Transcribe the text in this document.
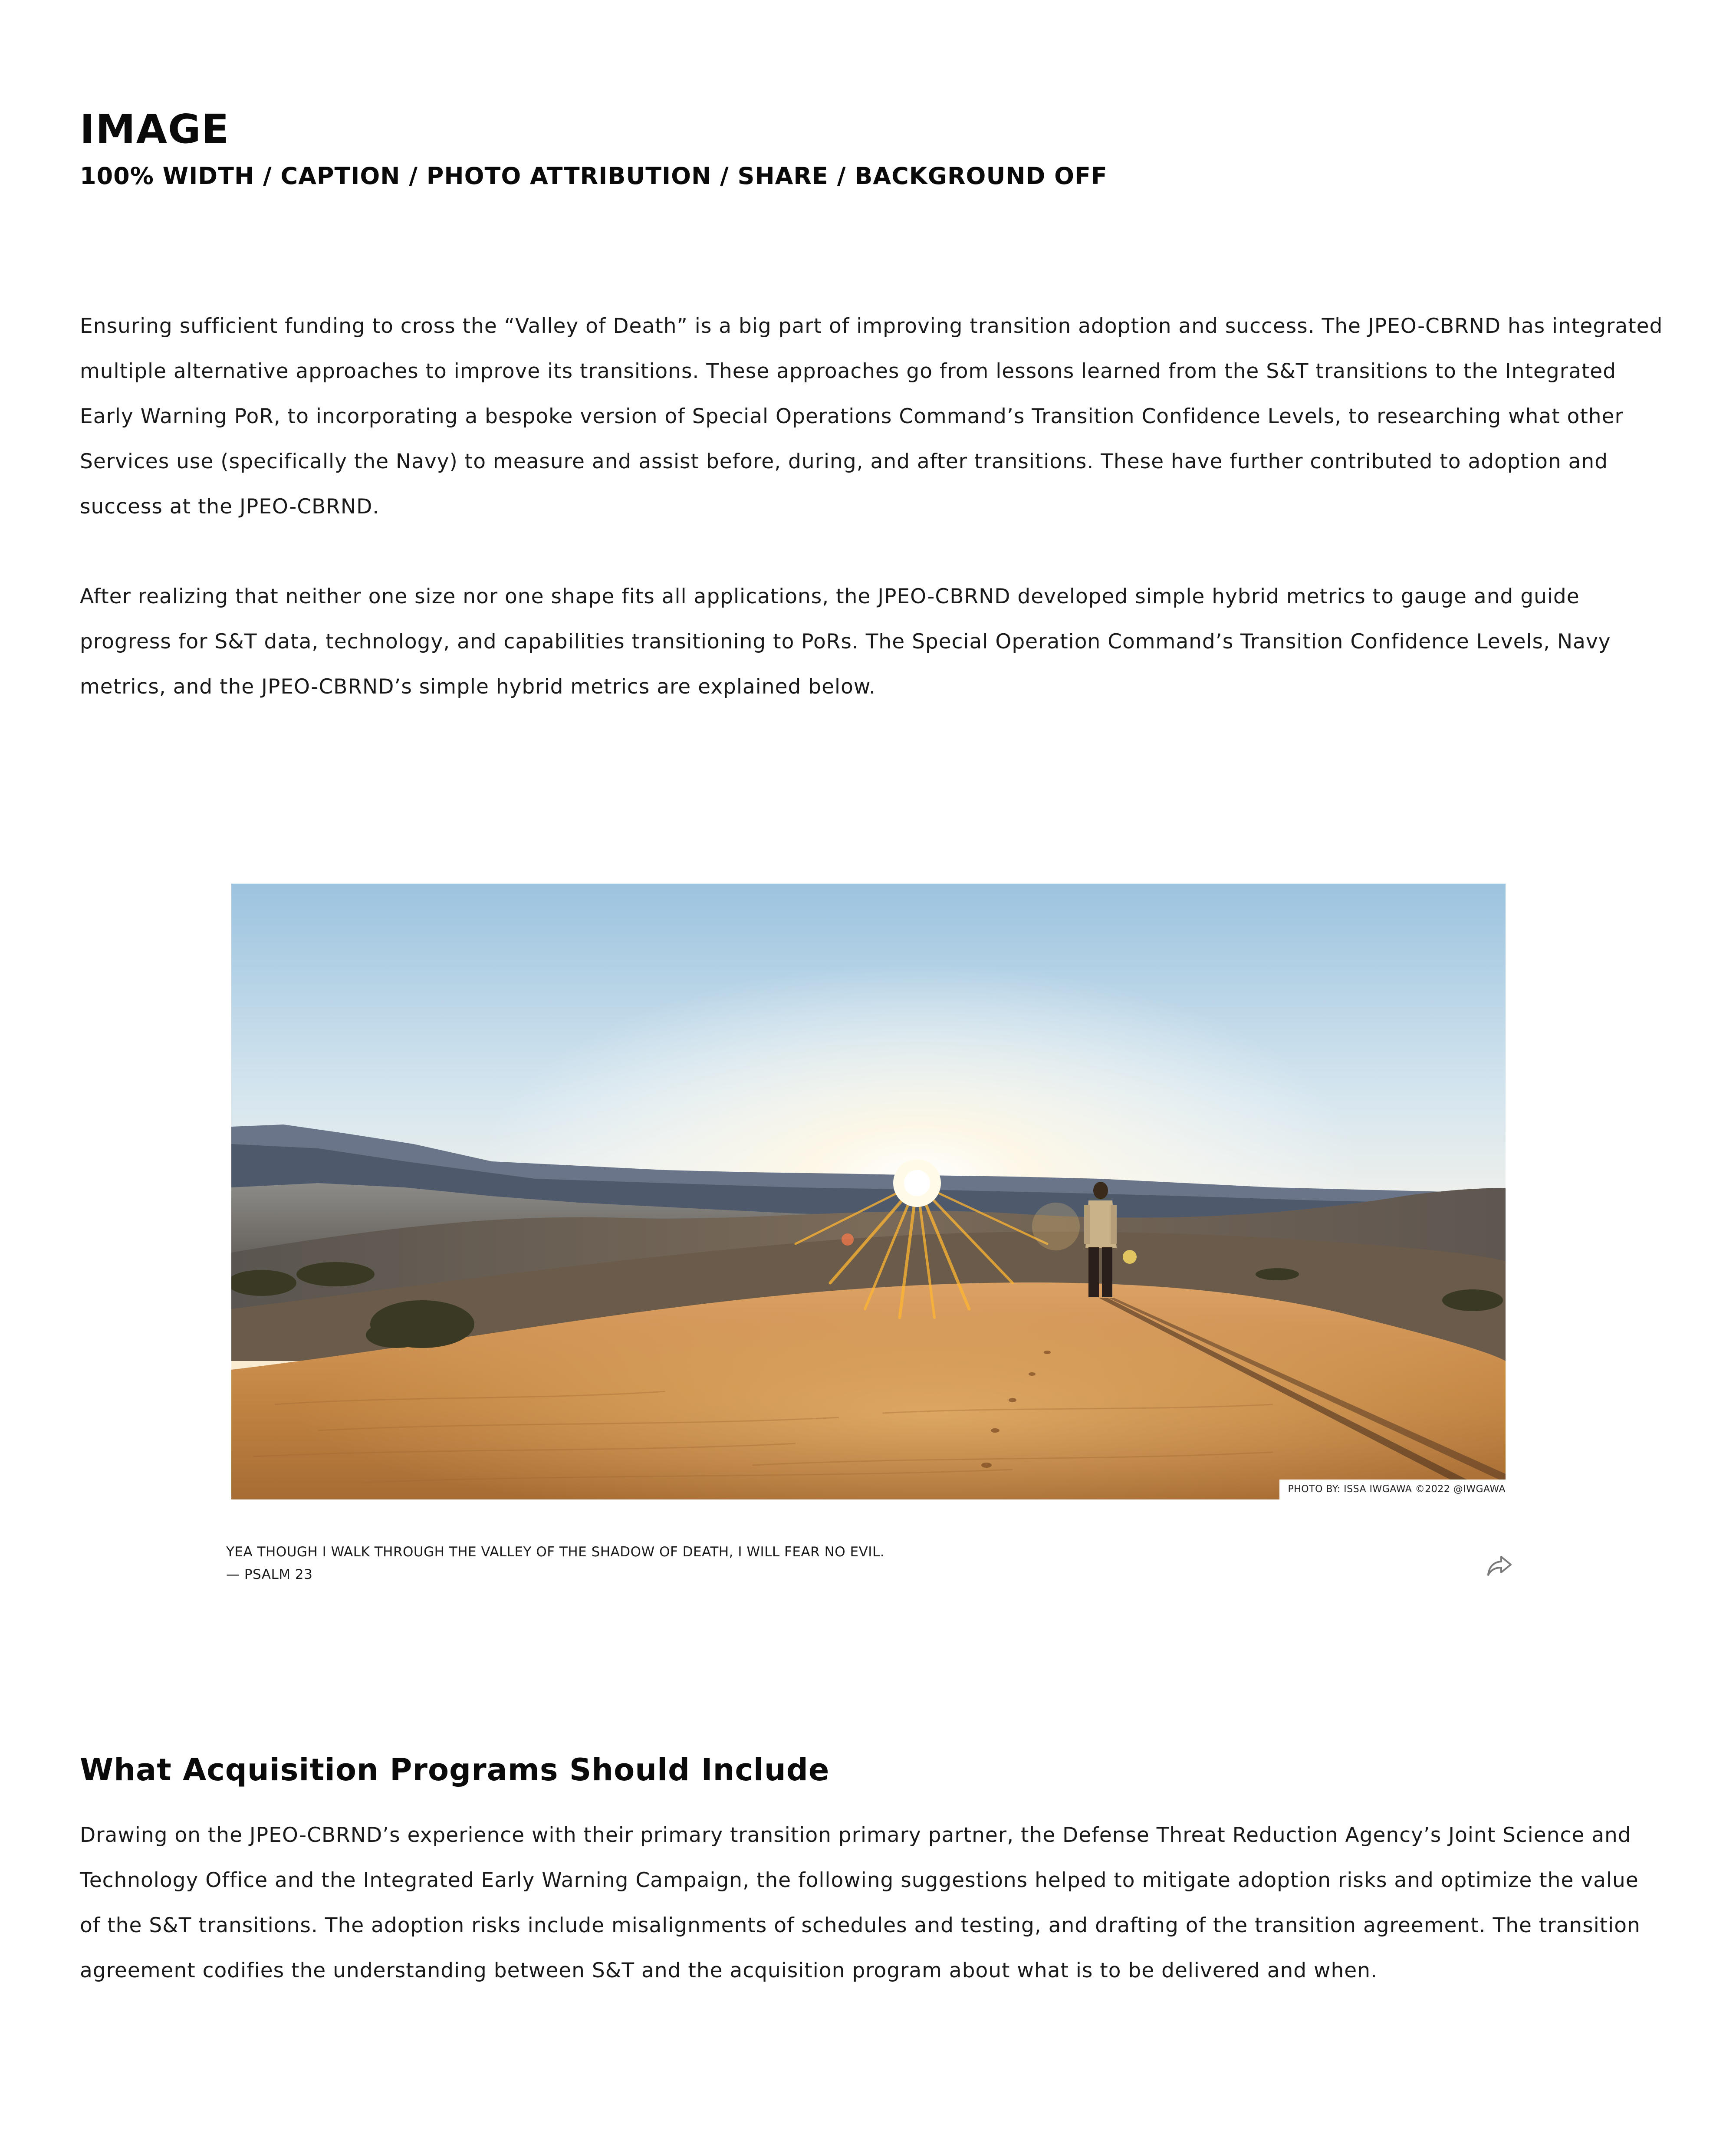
IMAGE
100% WIDTH / CAPTION / PHOTO ATTRIBUTION / SHARE / BACKGROUND OFF

Ensuring sufficient funding to cross the “Valley of Death” is a big part of improving transition adoption and success. The JPEO-CBRND has integrated multiple alternative approaches to improve its transitions. These approaches go from lessons learned from the S&T transitions to the Integrated Early Warning PoR, to incorporating a bespoke version of Special Operations Command’s Transition Confidence Levels, to researching what other Services use (specifically the Navy) to measure and assist before, during, and after transitions. These have further contributed to adoption and success at the JPEO-CBRND.

After realizing that neither one size nor one shape fits all applications, the JPEO-CBRND developed simple hybrid metrics to gauge and guide progress for S&T data, technology, and capabilities transitioning to PoRs. The Special Operation Command’s Transition Confidence Levels, Navy metrics, and the JPEO-CBRND’s simple hybrid metrics are explained below.

PHOTO BY: ISSA IWGAWA ©2022 @IWGAWA
YEA THOUGH I WALK THROUGH THE VALLEY OF THE SHADOW OF DEATH, I WILL FEAR NO EVIL.
— PSALM 23
What Acquisition Programs Should Include

Drawing on the JPEO-CBRND’s experience with their primary transition primary partner, the Defense Threat Reduction Agency’s Joint Science and Technology Office and the Integrated Early Warning Campaign, the following suggestions helped to mitigate adoption risks and optimize the value of the S&T transitions. The adoption risks include misalignments of schedules and testing, and drafting of the transition agreement. The transition agreement codifies the understanding between S&T and the acquisition program about what is to be delivered and when.
